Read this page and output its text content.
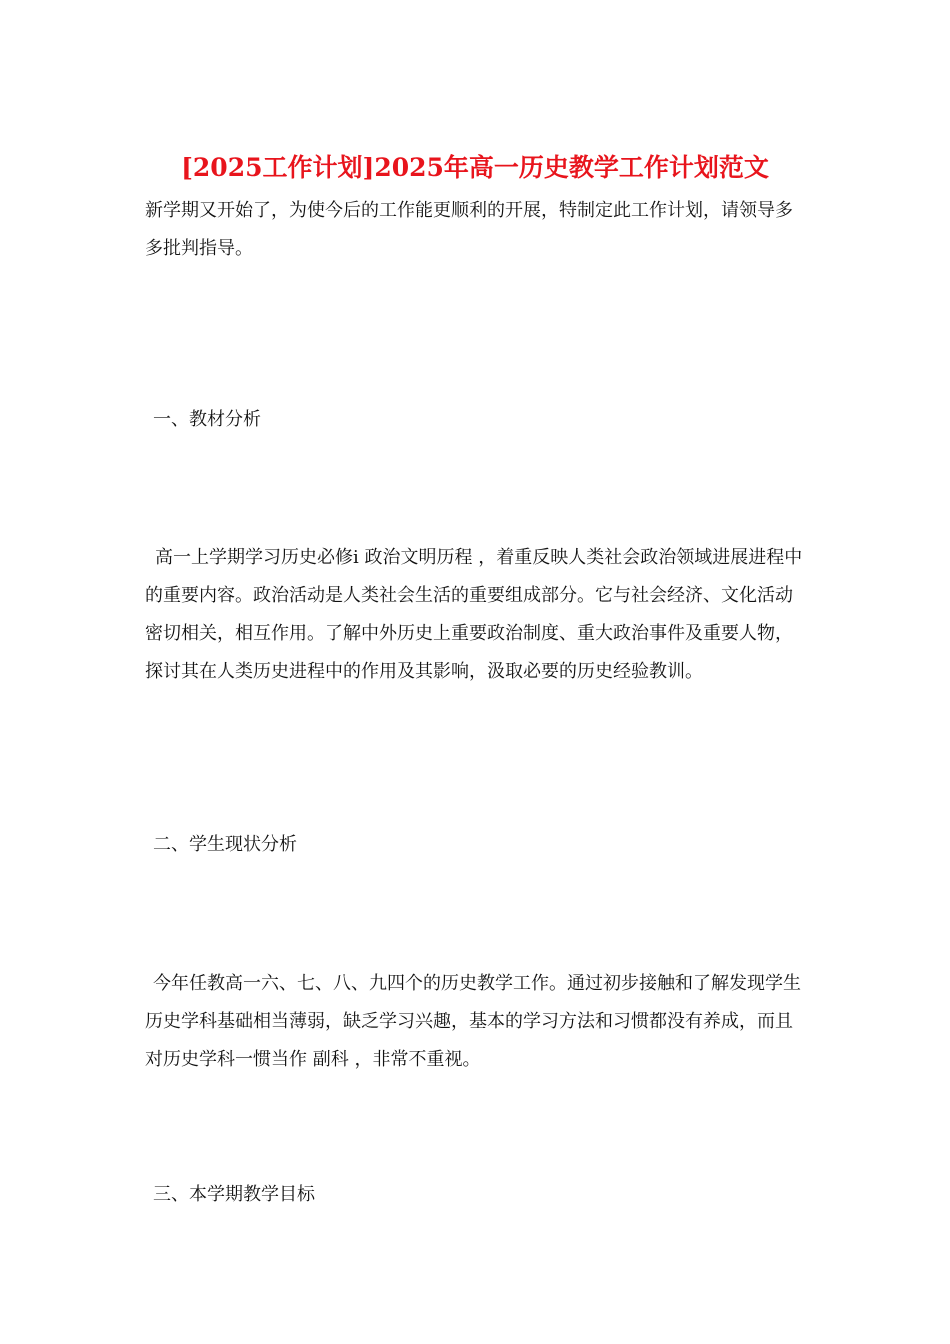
[2025工作计划]2025年高一历史教学工作计划范文
新学期又开始了，为使今后的工作能更顺利的开展，特制定此工作计划，请领导多多批判指导。
一、教材分析
高一上学期学习历史必修ⅰ 政治文明历程 ，着重反映人类社会政治领域进展进程中的重要内容。政治活动是人类社会生活的重要组成部分。它与社会经济、文化活动密切相关，相互作用。了解中外历史上重要政治制度、重大政治事件及重要人物，探讨其在人类历史进程中的作用及其影响，汲取必要的历史经验教训。
二、学生现状分析
今年任教高一六、七、八、九四个的历史教学工作。通过初步接触和了解发现学生历史学科基础相当薄弱，缺乏学习兴趣，基本的学习方法和习惯都没有养成，而且对历史学科一惯当作 副科 ，非常不重视。
三、本学期教学目标
